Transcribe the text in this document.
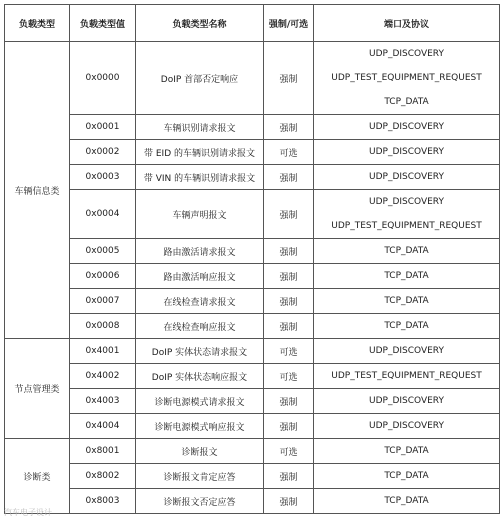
负载类型	负载类型值	负载类型名称	强制/可选	端口及协议
车辆信息类	0x0000	DoIP 首部否定响应	强制	UDP_DISCOVERY
UDP_TEST_EQUIPMENT_REQUEST
TCP_DATA

	0x0001	车辆识别请求报文	强制	UDP_DISCOVERY

	0x0002	带 EID 的车辆识别请求报文	可选	UDP_DISCOVERY

	0x0003	带 VIN 的车辆识别请求报文	强制	UDP_DISCOVERY

	0x0004	车辆声明报文	强制	UDP_DISCOVERY
UDP_TEST_EQUIPMENT_REQUEST

	0x0005	路由激活请求报文	强制	TCP_DATA

	0x0006	路由激活响应报文	强制	TCP_DATA

	0x0007	在线检查请求报文	强制	TCP_DATA

	0x0008	在线检查响应报文	强制	TCP_DATA

节点管理类	0x4001	DoIP 实体状态请求报文	可选	UDP_DISCOVERY

	0x4002	DoIP 实体状态响应报文	可选	UDP_TEST_EQUIPMENT_REQUEST

	0x4003	诊断电源模式请求报文	强制	UDP_DISCOVERY

	0x4004	诊断电源模式响应报文	强制	UDP_DISCOVERY

诊断类	0x8001	诊断报文	可选	TCP_DATA

	0x8002	诊断报文肯定应答	强制	TCP_DATA

	0x8003	诊断报文否定应答	强制	TCP_DATA
汽车电子设计
